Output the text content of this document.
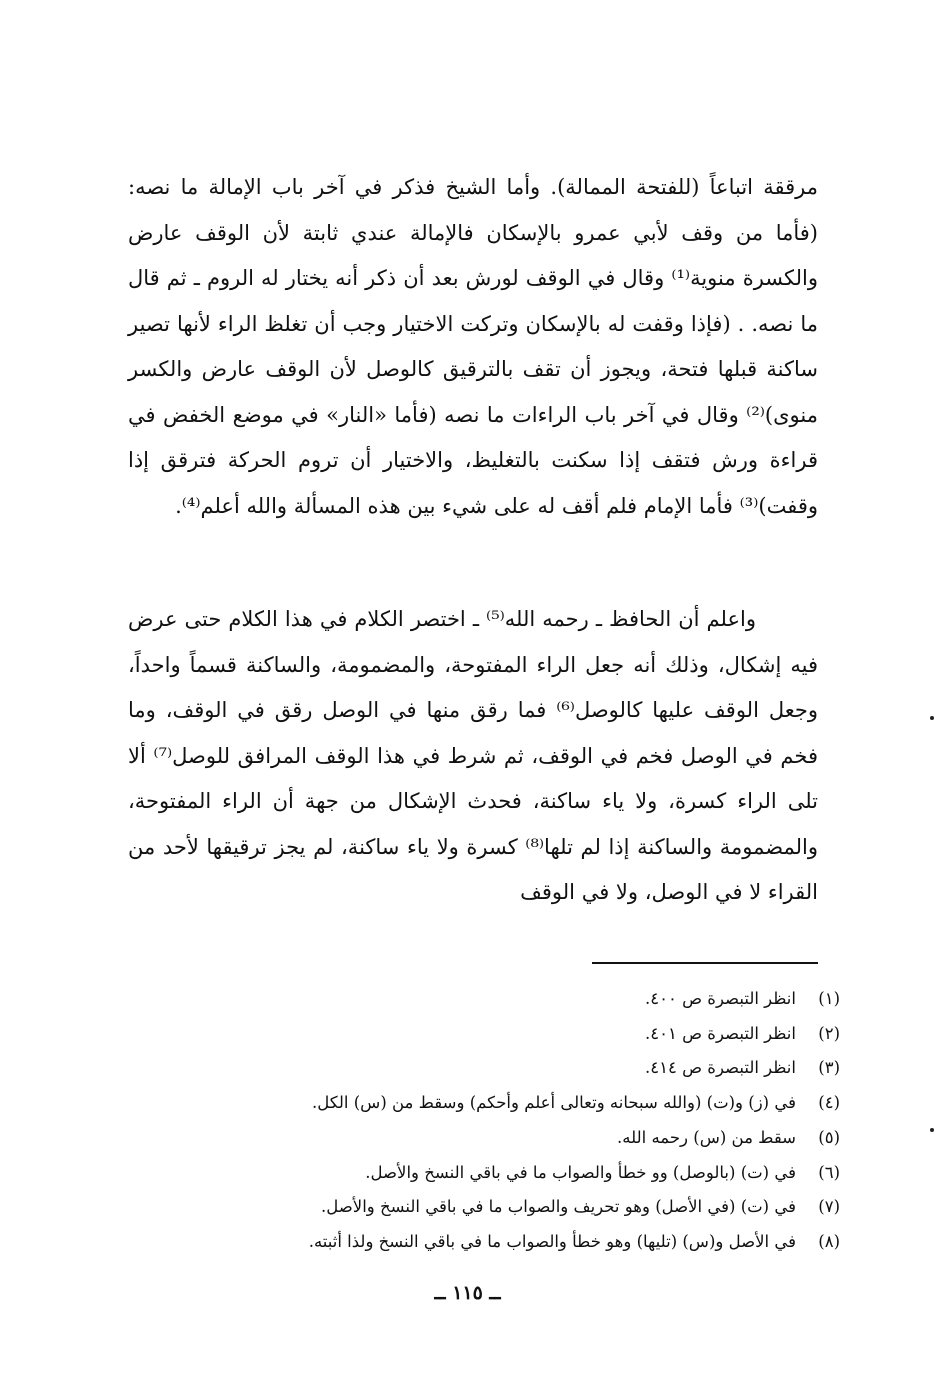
مرققة اتباعاً (للفتحة الممالة). وأما الشيخ فذكر في آخر باب الإمالة ما نصه: (فأما من وقف لأبي عمرو بالإسكان فالإمالة عندي ثابتة لأن الوقف عارض والكسرة منوية⁽¹⁾ وقال في الوقف لورش بعد أن ذكر أنه يختار له الروم ـ ثم قال ما نصه. . (فإذا وقفت له بالإسكان وتركت الاختيار وجب أن تغلظ الراء لأنها تصير ساكنة قبلها فتحة، ويجوز أن تقف بالترقيق كالوصل لأن الوقف عارض والكسر منوى)⁽²⁾ وقال في آخر باب الراءات ما نصه (فأما «النار» في موضع الخفض في قراءة ورش فتقف إذا سكنت بالتغليظ، والاختيار أن تروم الحركة فترقق إذا وقفت)⁽³⁾ فأما الإمام فلم أقف له على شيء بين هذه المسألة والله أعلم⁽⁴⁾.

واعلم أن الحافظ ـ رحمه الله⁽⁵⁾ ـ اختصر الكلام في هذا الكلام حتى عرض فيه إشكال، وذلك أنه جعل الراء المفتوحة، والمضمومة، والساكنة قسماً واحداً، وجعل الوقف عليها كالوصل⁽⁶⁾ فما رقق منها في الوصل رقق في الوقف، وما فخم في الوصل فخم في الوقف، ثم شرط في هذا الوقف المرافق للوصل⁽⁷⁾ ألا تلى الراء كسرة، ولا ياء ساكنة، فحدث الإشكال من جهة أن الراء المفتوحة، والمضمومة والساكنة إذا لم تلها⁽⁸⁾ كسرة ولا ياء ساكنة، لم يجز ترقيقها لأحد من القراء لا في الوصل، ولا في الوقف

(١)
انظر التبصرة ص ٤٠٠.
(٢)
انظر التبصرة ص ٤٠١.
(٣)
انظر التبصرة ص ٤١٤.
(٤)
في (ز) و(ت) (والله سبحانه وتعالى أعلم وأحكم) وسقط من (س) الكل.
(٥)
سقط من (س) رحمه الله.
(٦)
في (ت) (بالوصل) وو خطأ والصواب ما في باقي النسخ والأصل.
(٧)
في (ت) (في الأصل) وهو تحريف والصواب ما في باقي النسخ والأصل.
(٨)
في الأصل و(س) (تليها) وهو خطأ والصواب ما في باقي النسخ ولذا أثبته.
ــ ١١٥ ــ
